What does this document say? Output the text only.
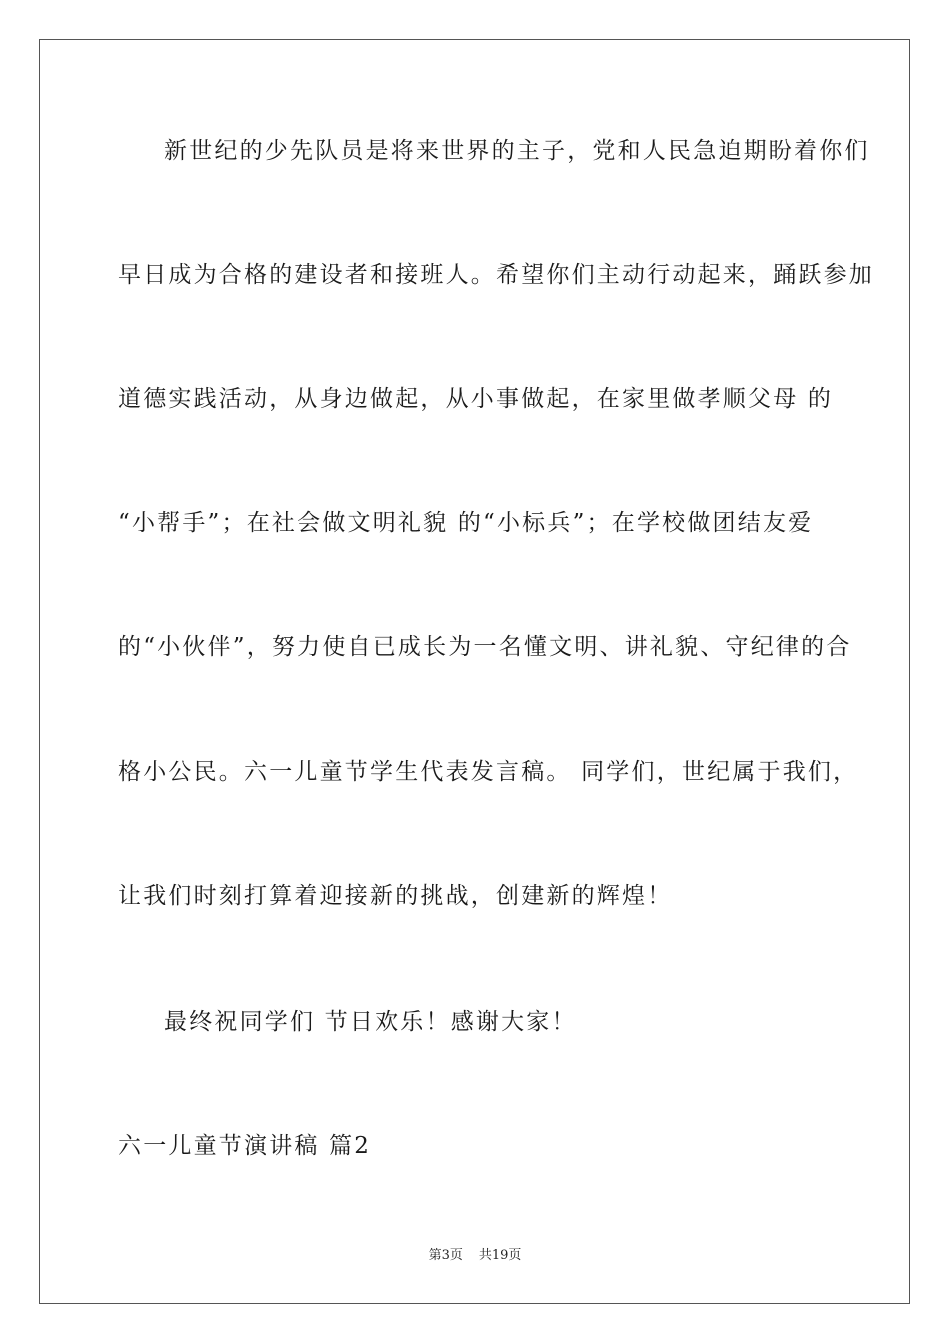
新世纪的少先队员是将来世界的主子，党和人民急迫期盼着你们
早日成为合格的建设者和接班人。希望你们主动行动起来，踊跃参加
道德实践活动，从身边做起，从小事做起，在家里做孝顺父母 的
“小帮手”；在社会做文明礼貌 的“小标兵”；在学校做团结友爱
的“小伙伴”，努力使自已成长为一名懂文明、讲礼貌、守纪律的合
格小公民。六一儿童节学生代表发言稿。 同学们，世纪属于我们，
让我们时刻打算着迎接新的挑战，创建新的辉煌！
最终祝同学们 节日欢乐！感谢大家！
六一儿童节演讲稿 篇2
第3页 共19页
